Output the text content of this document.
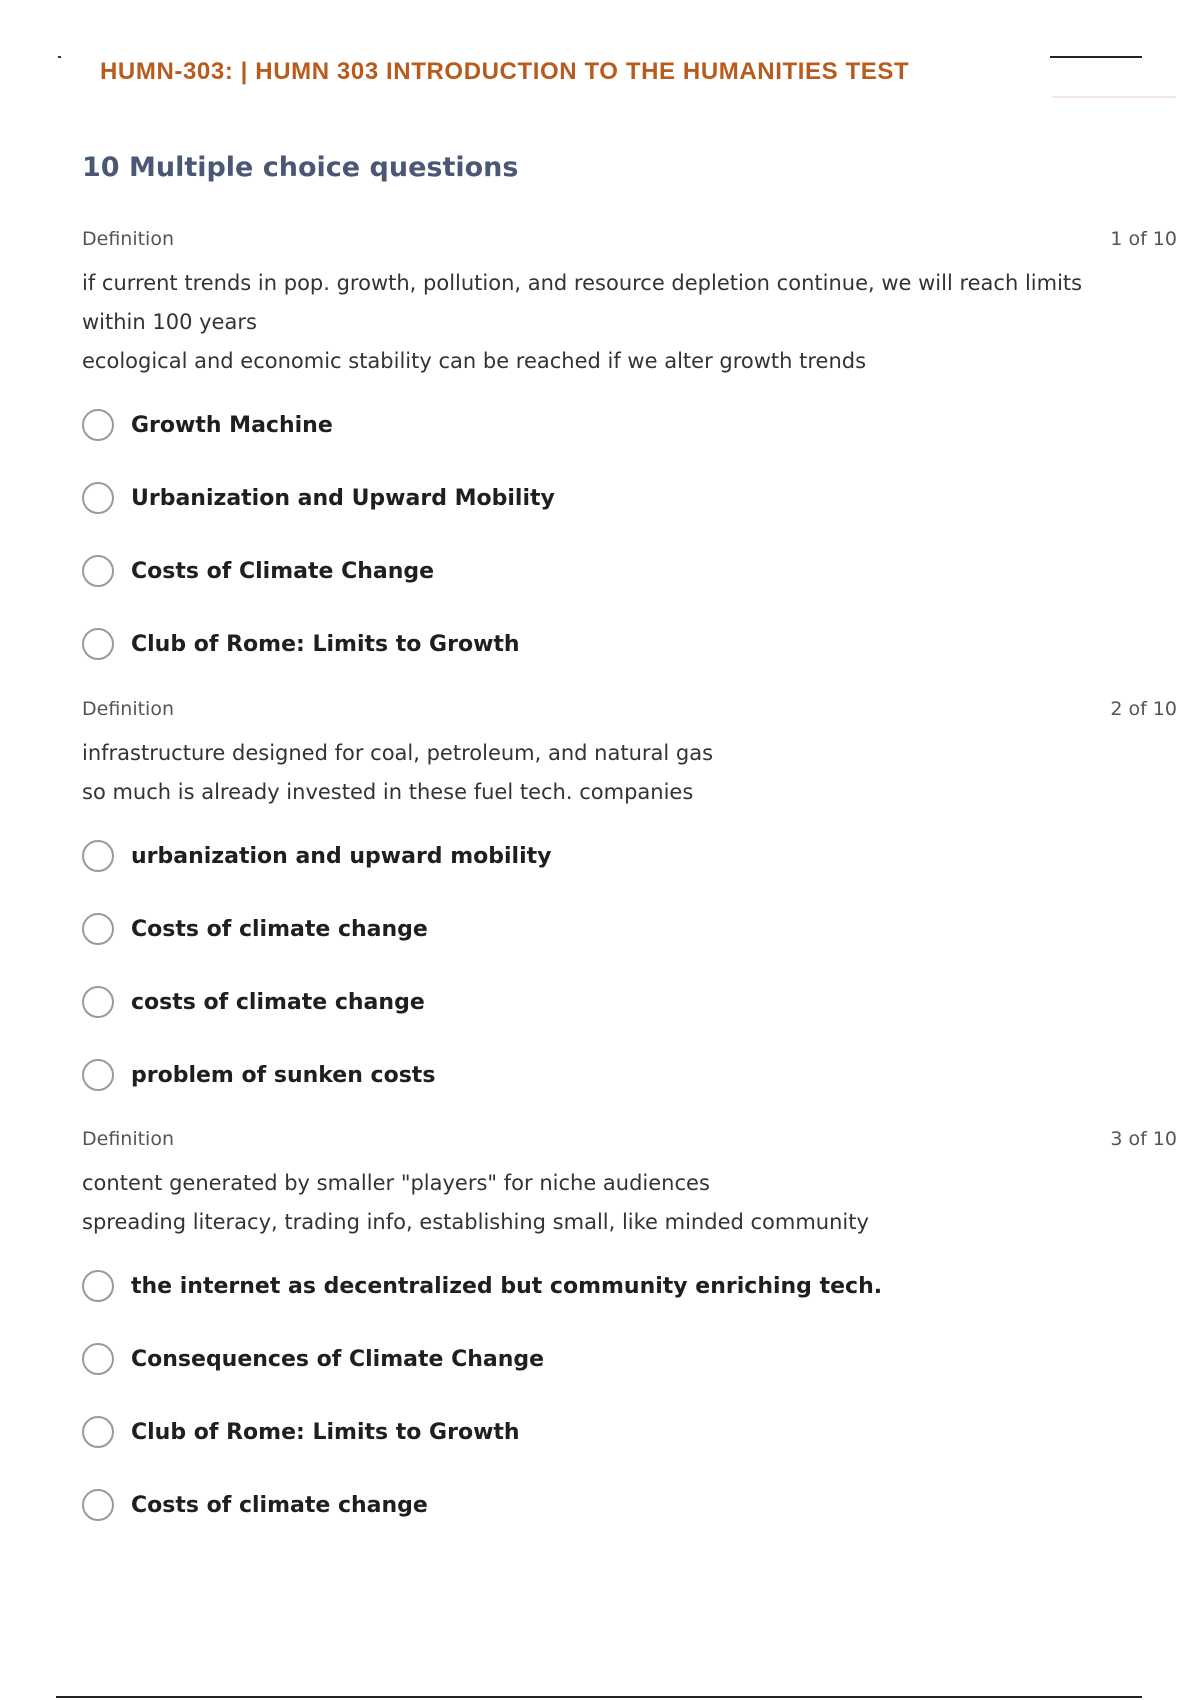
HUMN-303: | HUMN 303 INTRODUCTION TO THE HUMANITIES TEST
10 Multiple choice questions
Definition	1 of 10
if current trends in pop. growth, pollution, and resource depletion continue, we will reach limits
within 100 years
ecological and economic stability can be reached if we alter growth trends
Growth Machine
Urbanization and Upward Mobility
Costs of Climate Change
Club of Rome: Limits to Growth
Definition	2 of 10
infrastructure designed for coal, petroleum, and natural gas
so much is already invested in these fuel tech. companies
urbanization and upward mobility
Costs of climate change
costs of climate change
problem of sunken costs
Definition	3 of 10
content generated by smaller "players" for niche audiences
spreading literacy, trading info, establishing small, like minded community
the internet as decentralized but community enriching tech.
Consequences of Climate Change
Club of Rome: Limits to Growth
Costs of climate change
